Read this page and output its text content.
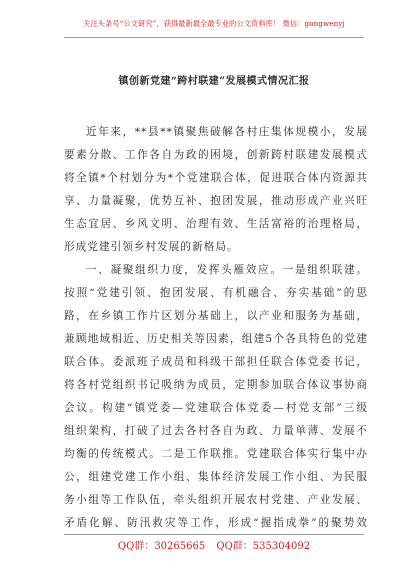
关注头条号“公文研究”，获得最新最全最专业的公文资料库！ 微信：gongwenyj
镇创新党建“跨村联建”发展模式情况汇报
近年来，**县**镇聚焦破解各村庄集体规模小，发展
要素分散、工作各自为政的困境，创新跨村联建发展模式
将全镇*个村划分为*个党建联合体，促进联合体内资源共
享、力量凝聚，优势互补、抱团发展，推动形成产业兴旺
生态宜居、乡风文明、治理有效、生活富裕的治理格局，
形成党建引领乡村发展的新格局。
一、凝聚组织力度，发挥头雁效应。一是组织联建。
按照“党建引领、抱团发展、有机融合、夯实基础”的思
路，在乡镇工作片区划分基础上，以产业和服务为基础，
兼顾地域相近、历史相关等因素，组建5个各具特色的党建
联合体。委派班子成员和科级干部担任联合体党委书记，
将各村党组织书记吸纳为成员，定期参加联合体议事协商
会议。构建“镇党委—党建联合体党委—村党支部”三级
组织架构，打破了过去各村各自为政、力量单薄、发展不
均衡的传统模式。二是工作联推。党建联合体实行集中办
公，组建党建工作小组、集体经济发展工作小组、为民服
务小组等工作队伍，牵头组织开展农村党建、产业发展、
矛盾化解、防汛救灾等工作，形成“握指成拳”的聚势效
QQ群：30265665 QQ群：535304092
